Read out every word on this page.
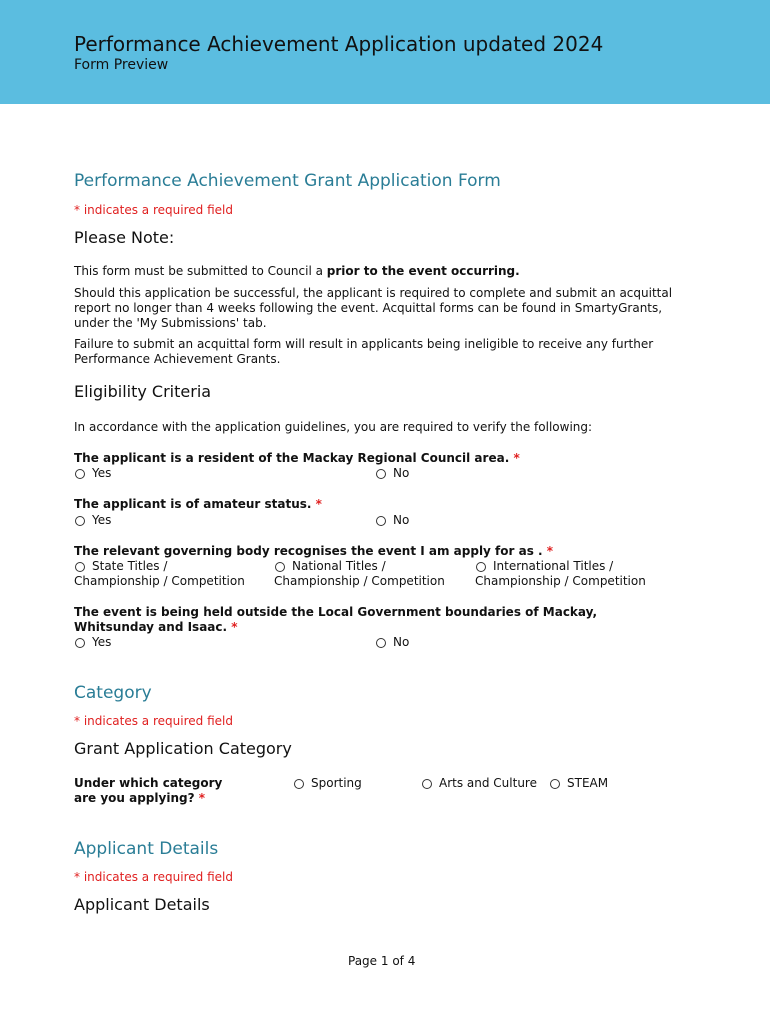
Performance Achievement Application updated 2024
Form Preview
Performance Achievement Grant Application Form
* indicates a required field
Please Note:
This form must be submitted to Council a prior to the event occurring.
Should this application be successful, the applicant is required to complete and submit an acquittal report no longer than 4 weeks following the event. Acquittal forms can be found in SmartyGrants, under the 'My Submissions' tab.
Failure to submit an acquittal form will result in applicants being ineligible to receive any further Performance Achievement Grants.
Eligibility Criteria
In accordance with the application guidelines, you are required to verify the following:
The applicant is a resident of the Mackay Regional Council area. *
Yes	No
The applicant is of amateur status. *
Yes	No
The relevant governing body recognises the event I am apply for as . *
State Titles /
Championship / Competition
National Titles /
Championship / Competition
International Titles /
Championship / Competition
The event is being held outside the Local Government boundaries of Mackay,
Whitsunday and Isaac. *
Yes	No
Category
* indicates a required field
Grant Application Category
Under which category
are you applying? *
Sporting	Arts and Culture	STEAM
Applicant Details
* indicates a required field
Applicant Details
Page 1 of 4
